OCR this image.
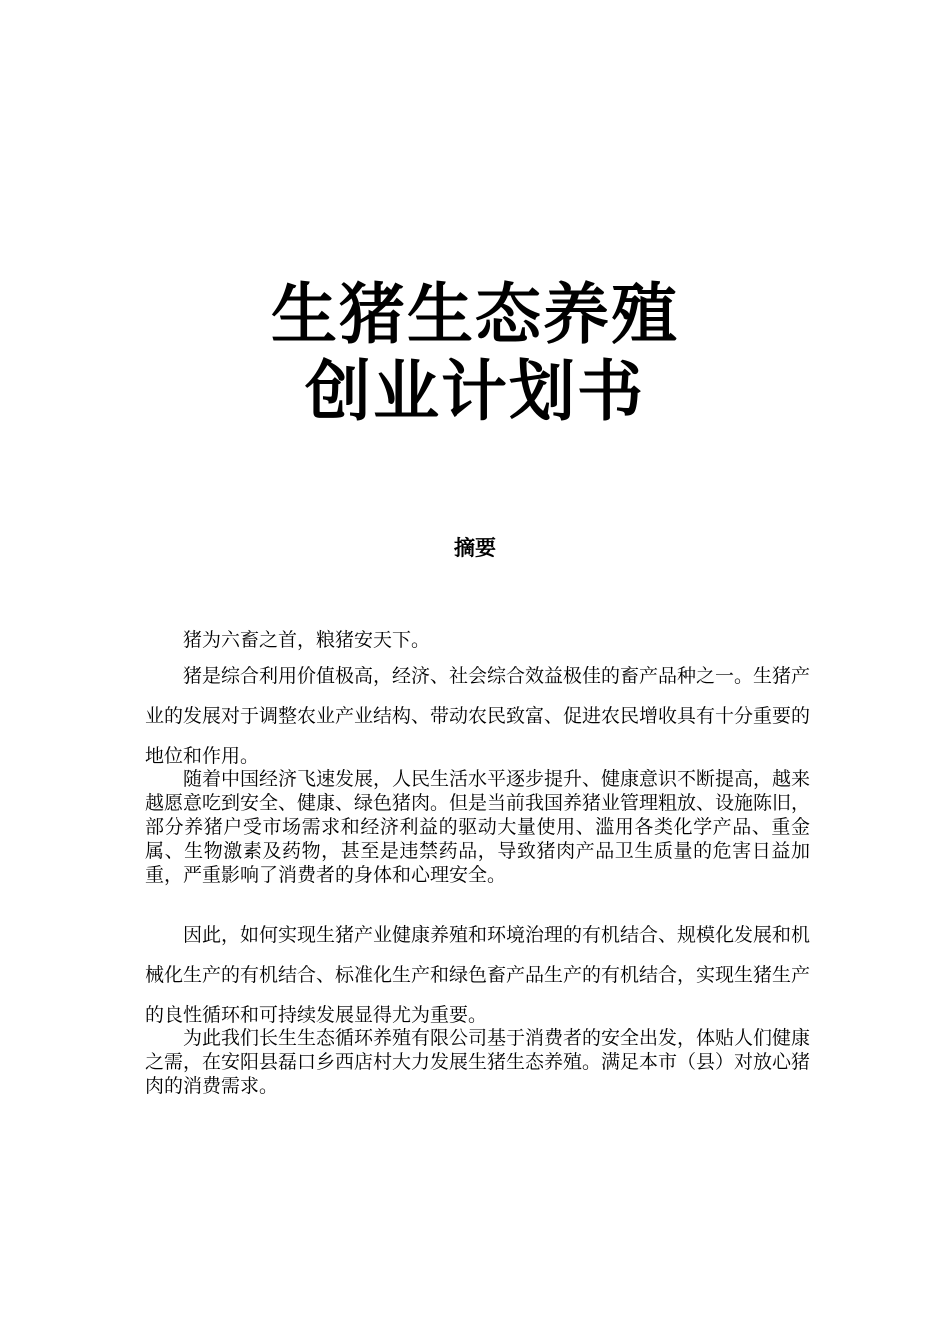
生猪生态养殖
创业计划书
摘要

猪为六畜之首，粮猪安天下。

猪是综合利用价值极高，经济、社会综合效益极佳的畜产品种之一。生猪产业的发展对于调整农业产业结构、带动农民致富、促进农民增收具有十分重要的地位和作用。

随着中国经济飞速发展，人民生活水平逐步提升、健康意识不断提高，越来越愿意吃到安全、健康、绿色猪肉。但是当前我国养猪业管理粗放、设施陈旧，部分养猪户受市场需求和经济利益的驱动大量使用、滥用各类化学产品、重金属、生物激素及药物，甚至是违禁药品，导致猪肉产品卫生质量的危害日益加重，严重影响了消费者的身体和心理安全。

因此，如何实现生猪产业健康养殖和环境治理的有机结合、规模化发展和机械化生产的有机结合、标准化生产和绿色畜产品生产的有机结合，实现生猪生产的良性循环和可持续发展显得尤为重要。

为此我们长生生态循环养殖有限公司基于消费者的安全出发，体贴人们健康之需，在安阳县磊口乡西店村大力发展生猪生态养殖。满足本市（县）对放心猪肉的消费需求。
